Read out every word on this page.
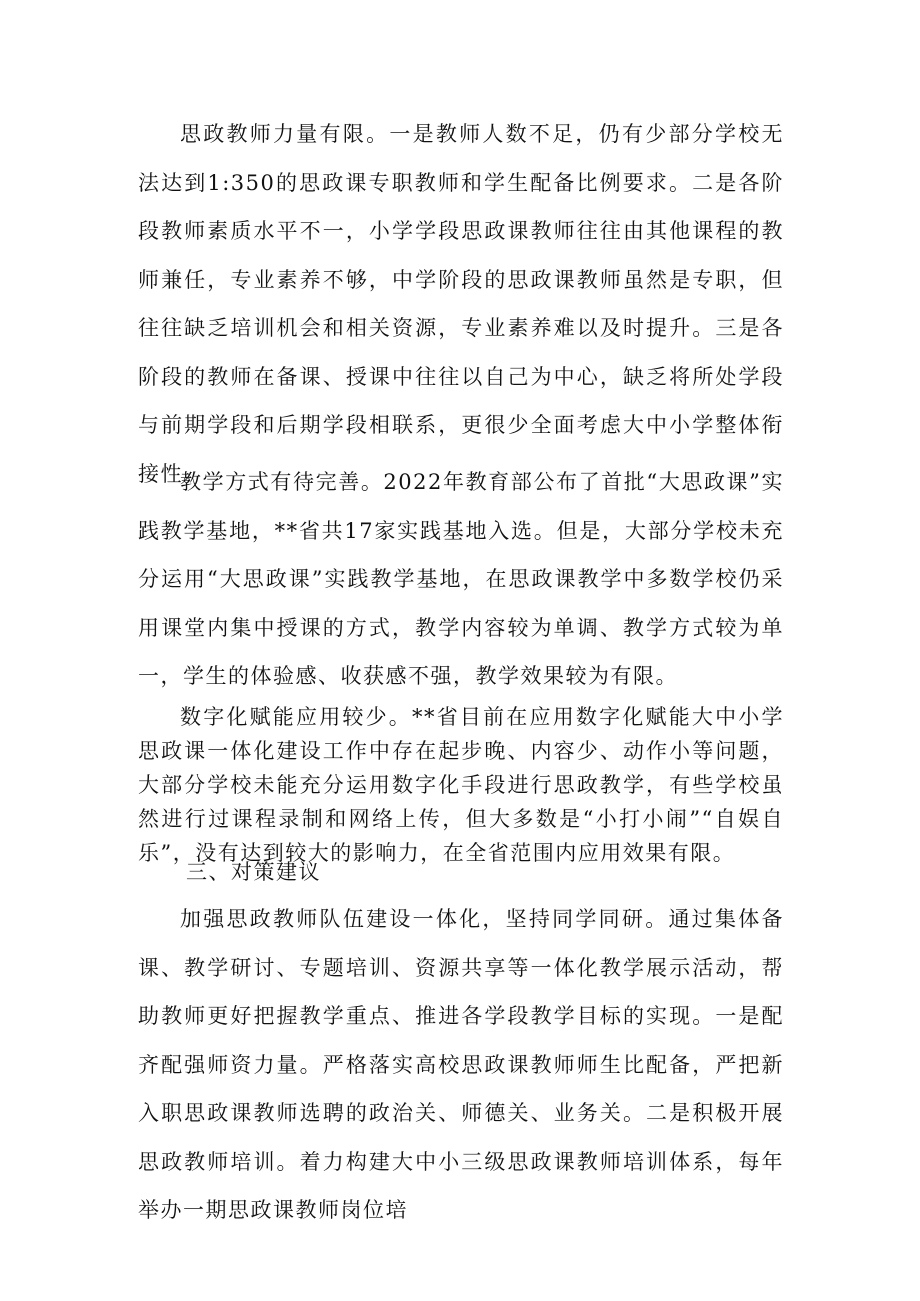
思政教师力量有限。一是教师人数不足，仍有少部分学校无法达到1:350的思政课专职教师和学生配备比例要求。二是各阶段教师素质水平不一，小学学段思政课教师往往由其他课程的教师兼任，专业素养不够，中学阶段的思政课教师虽然是专职，但往往缺乏培训机会和相关资源，专业素养难以及时提升。三是各阶段的教师在备课、授课中往往以自己为中心，缺乏将所处学段与前期学段和后期学段相联系，更很少全面考虑大中小学整体衔接性。

教学方式有待完善。2022年教育部公布了首批“大思政课”实践教学基地，**省共17家实践基地入选。但是，大部分学校未充分运用“大思政课”实践教学基地，在思政课教学中多数学校仍采用课堂内集中授课的方式，教学内容较为单调、教学方式较为单一，学生的体验感、收获感不强，教学效果较为有限。

数字化赋能应用较少。**省目前在应用数字化赋能大中小学思政课一体化建设工作中存在起步晚、内容少、动作小等问题，大部分学校未能充分运用数字化手段进行思政教学，有些学校虽然进行过课程录制和网络上传，但大多数是“小打小闹”“自娱自乐”，没有达到较大的影响力，在全省范围内应用效果有限。

三、对策建议

加强思政教师队伍建设一体化，坚持同学同研。通过集体备课、教学研讨、专题培训、资源共享等一体化教学展示活动，帮助教师更好把握教学重点、推进各学段教学目标的实现。一是配齐配强师资力量。严格落实高校思政课教师师生比配备，严把新入职思政课教师选聘的政治关、师德关、业务关。二是积极开展思政教师培训。着力构建大中小三级思政课教师培训体系，每年举办一期思政课教师岗位培
